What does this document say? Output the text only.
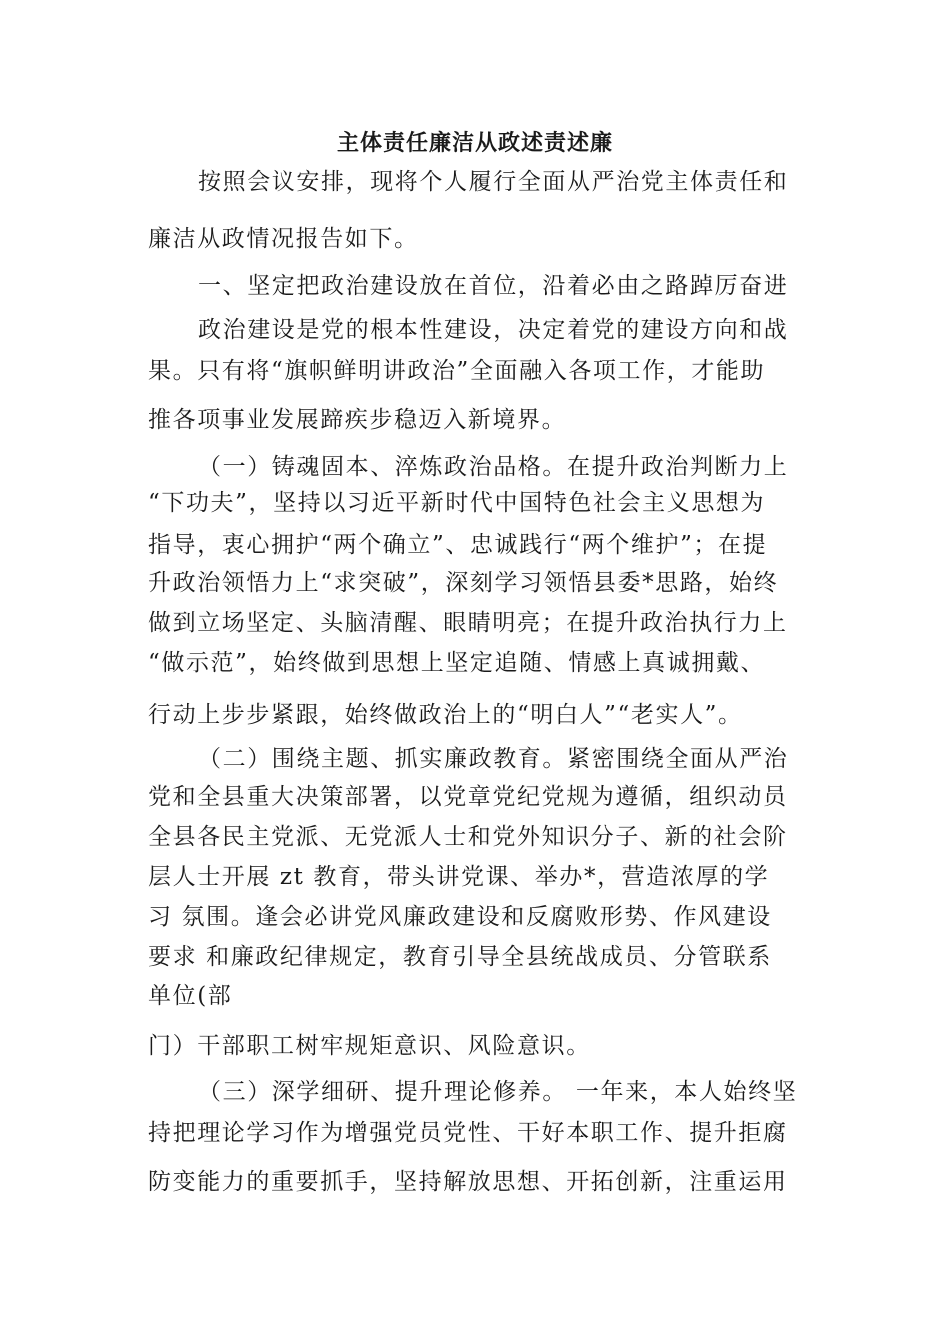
主体责任廉洁从政述责述廉
按照会议安排，现将个人履行全面从严治党主体责任和
廉洁从政情况报告如下。
一、坚定把政治建设放在首位，沿着必由之路踔厉奋进
政治建设是党的根本性建设，决定着党的建设方向和战
果。只有将“旗帜鲜明讲政治”全面融入各项工作，才能助
推各项事业发展蹄疾步稳迈入新境界。
（一）铸魂固本、淬炼政治品格。在提升政治判断力上
“下功夫”，坚持以习近平新时代中国特色社会主义思想为
指导，衷心拥护“两个确立”、忠诚践行“两个维护”；在提
升政治领悟力上“求突破”，深刻学习领悟县委*思路，始终
做到立场坚定、头脑清醒、眼睛明亮；在提升政治执行力上
“做示范”，始终做到思想上坚定追随、情感上真诚拥戴、
行动上步步紧跟，始终做政治上的“明白人”“老实人”。
（二）围绕主题、抓实廉政教育。紧密围绕全面从严治
党和全县重大决策部署，以党章党纪党规为遵循，组织动员
全县各民主党派、无党派人士和党外知识分子、新的社会阶
层人士开展 zt 教育，带头讲党课、举办*，营造浓厚的学
习 氛围。逢会必讲党风廉政建设和反腐败形势、作风建设
要求 和廉政纪律规定，教育引导全县统战成员、分管联系
单位(部
门）干部职工树牢规矩意识、风险意识。
（三）深学细研、提升理论修养。 一年来，本人始终坚
持把理论学习作为增强党员党性、干好本职工作、提升拒腐
防变能力的重要抓手，坚持解放思想、开拓创新，注重运用
